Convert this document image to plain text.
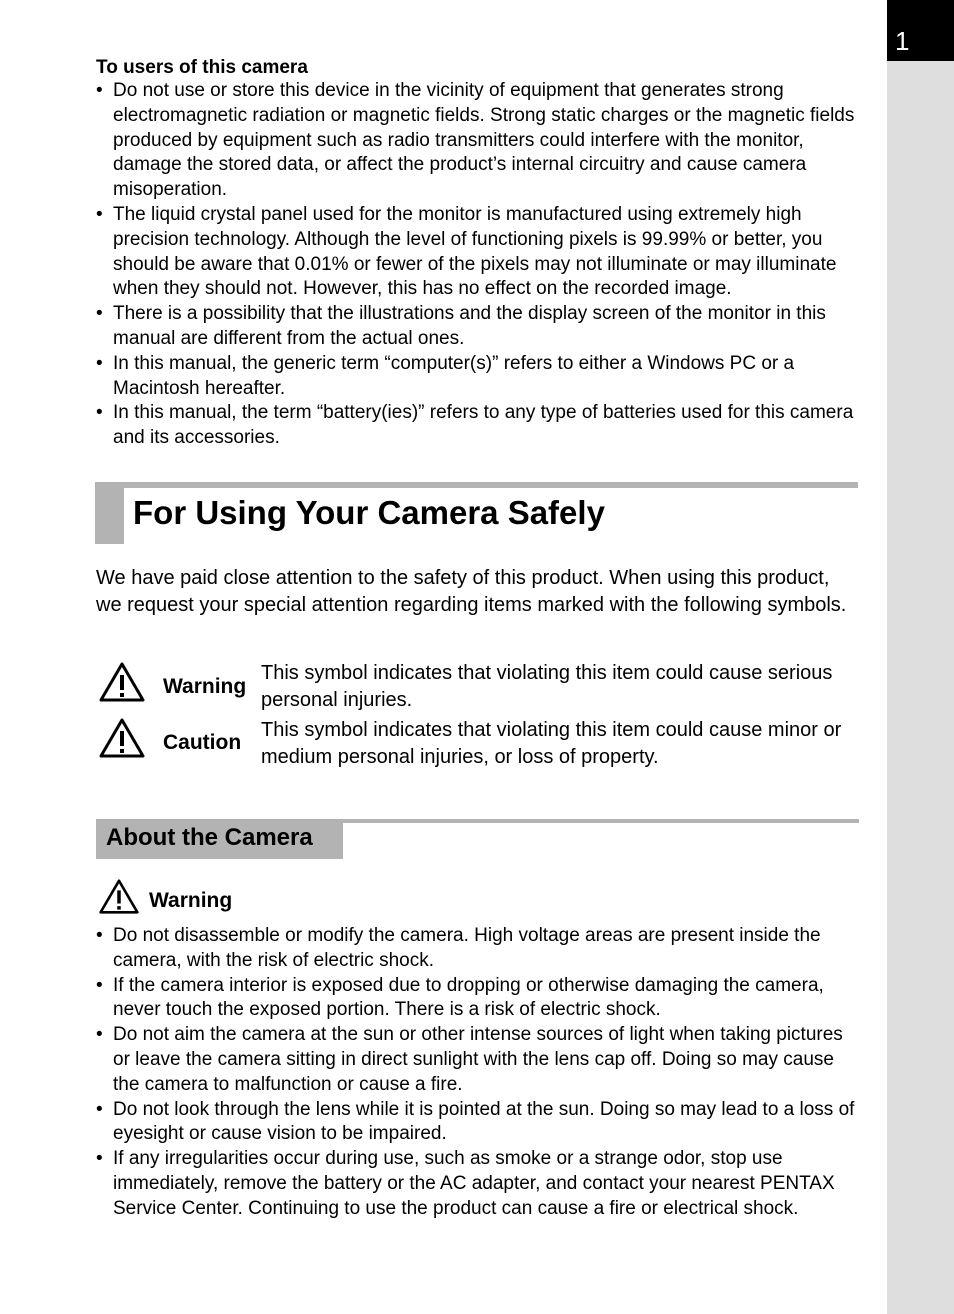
1
To users of this camera
• Do not use or store this device in the vicinity of equipment that generates strong electromagnetic radiation or magnetic fields. Strong static charges or the magnetic fields produced by equipment such as radio transmitters could interfere with the monitor, damage the stored data, or affect the product’s internal circuitry and cause camera misoperation.
• The liquid crystal panel used for the monitor is manufactured using extremely high precision technology. Although the level of functioning pixels is 99.99% or better, you should be aware that 0.01% or fewer of the pixels may not illuminate or may illuminate when they should not. However, this has no effect on the recorded image.
• There is a possibility that the illustrations and the display screen of the monitor in this manual are different from the actual ones.
• In this manual, the generic term “computer(s)” refers to either a Windows PC or a Macintosh hereafter.
• In this manual, the term “battery(ies)” refers to any type of batteries used for this camera and its accessories.
For Using Your Camera Safely
We have paid close attention to the safety of this product. When using this product, we request your special attention regarding items marked with the following symbols.
Warning
This symbol indicates that violating this item could cause serious personal injuries.
Caution
This symbol indicates that violating this item could cause minor or medium personal injuries, or loss of property.
About the Camera
Warning
• Do not disassemble or modify the camera. High voltage areas are present inside the camera, with the risk of electric shock.
• If the camera interior is exposed due to dropping or otherwise damaging the camera, never touch the exposed portion. There is a risk of electric shock.
• Do not aim the camera at the sun or other intense sources of light when taking pictures or leave the camera sitting in direct sunlight with the lens cap off. Doing so may cause the camera to malfunction or cause a fire.
• Do not look through the lens while it is pointed at the sun. Doing so may lead to a loss of eyesight or cause vision to be impaired.
• If any irregularities occur during use, such as smoke or a strange odor, stop use immediately, remove the battery or the AC adapter, and contact your nearest PENTAX Service Center. Continuing to use the product can cause a fire or electrical shock.
